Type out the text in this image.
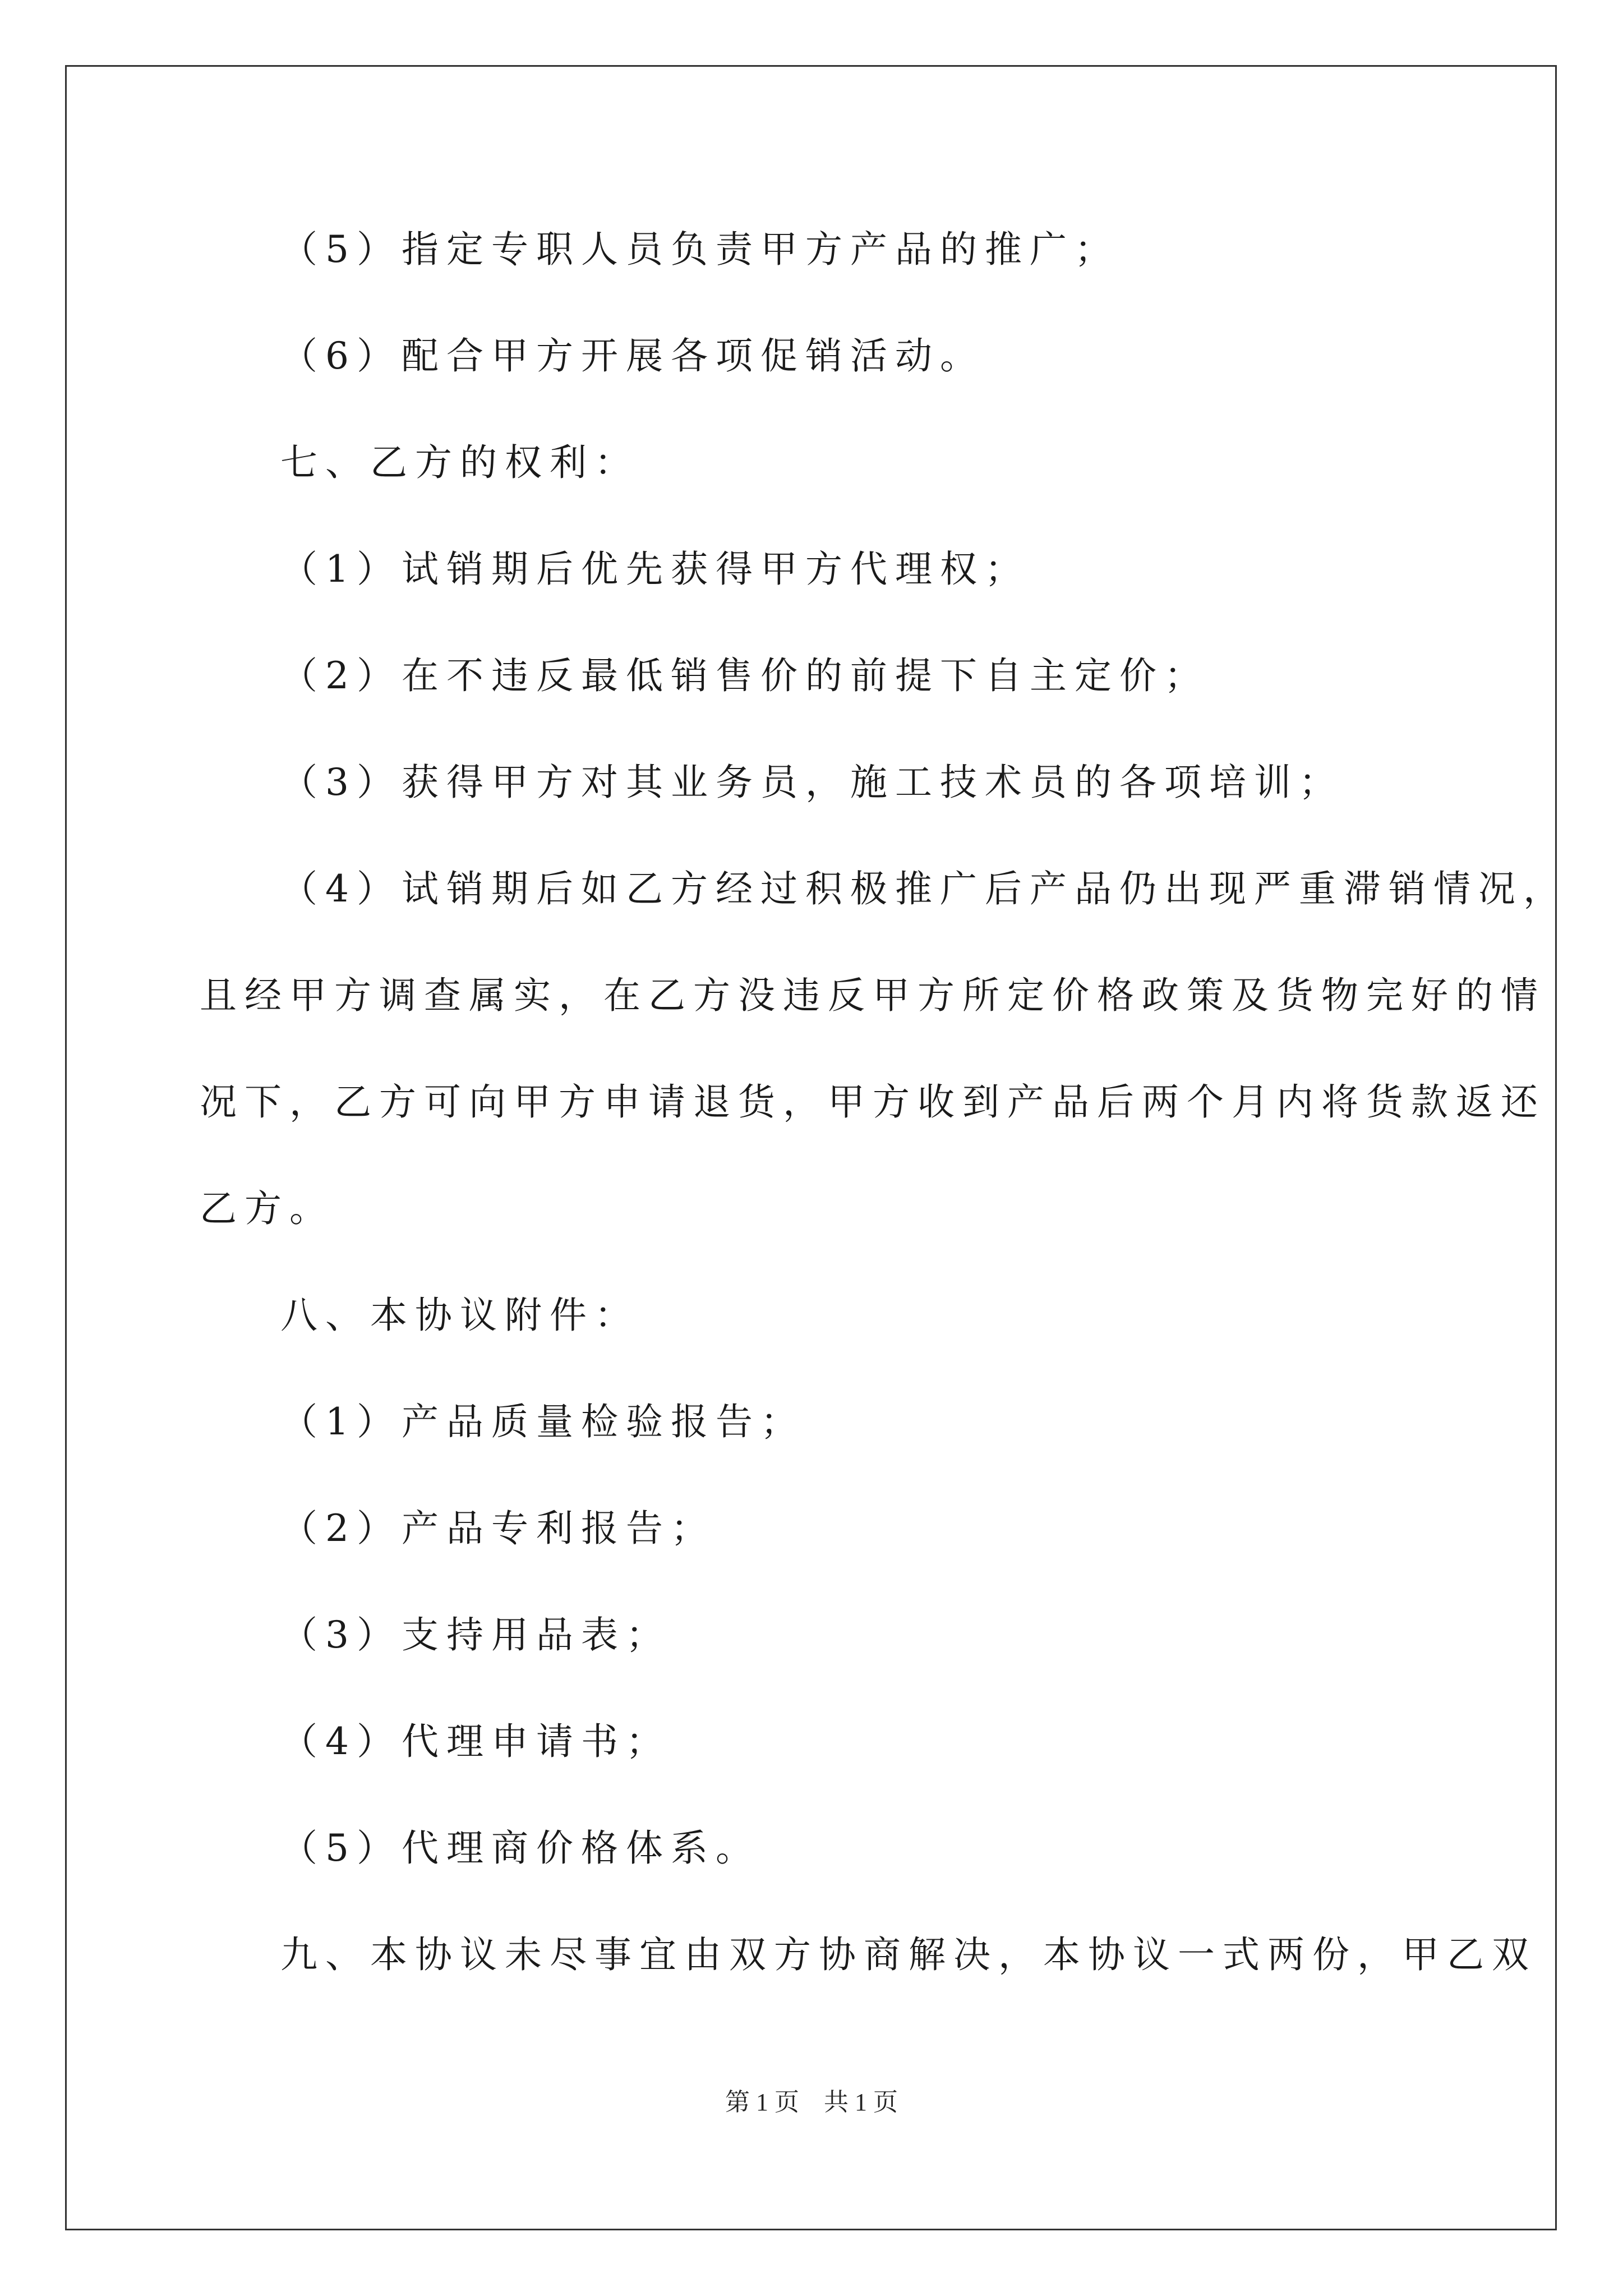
（5）指定专职人员负责甲方产品的推广；
（6）配合甲方开展各项促销活动。
七、乙方的权利：
（1）试销期后优先获得甲方代理权；
（2）在不违反最低销售价的前提下自主定价；
（3）获得甲方对其业务员，施工技术员的各项培训；
（4）试销期后如乙方经过积极推广后产品仍出现严重滞销情况，
且经甲方调查属实，在乙方没违反甲方所定价格政策及货物完好的情
况下，乙方可向甲方申请退货，甲方收到产品后两个月内将货款返还
乙方。
八、本协议附件：
（1）产品质量检验报告；
（2）产品专利报告；
（3）支持用品表；
（4）代理申请书；
（5）代理商价格体系。
九、本协议未尽事宜由双方协商解决，本协议一式两份，甲乙双
第 1 页　共 1 页
